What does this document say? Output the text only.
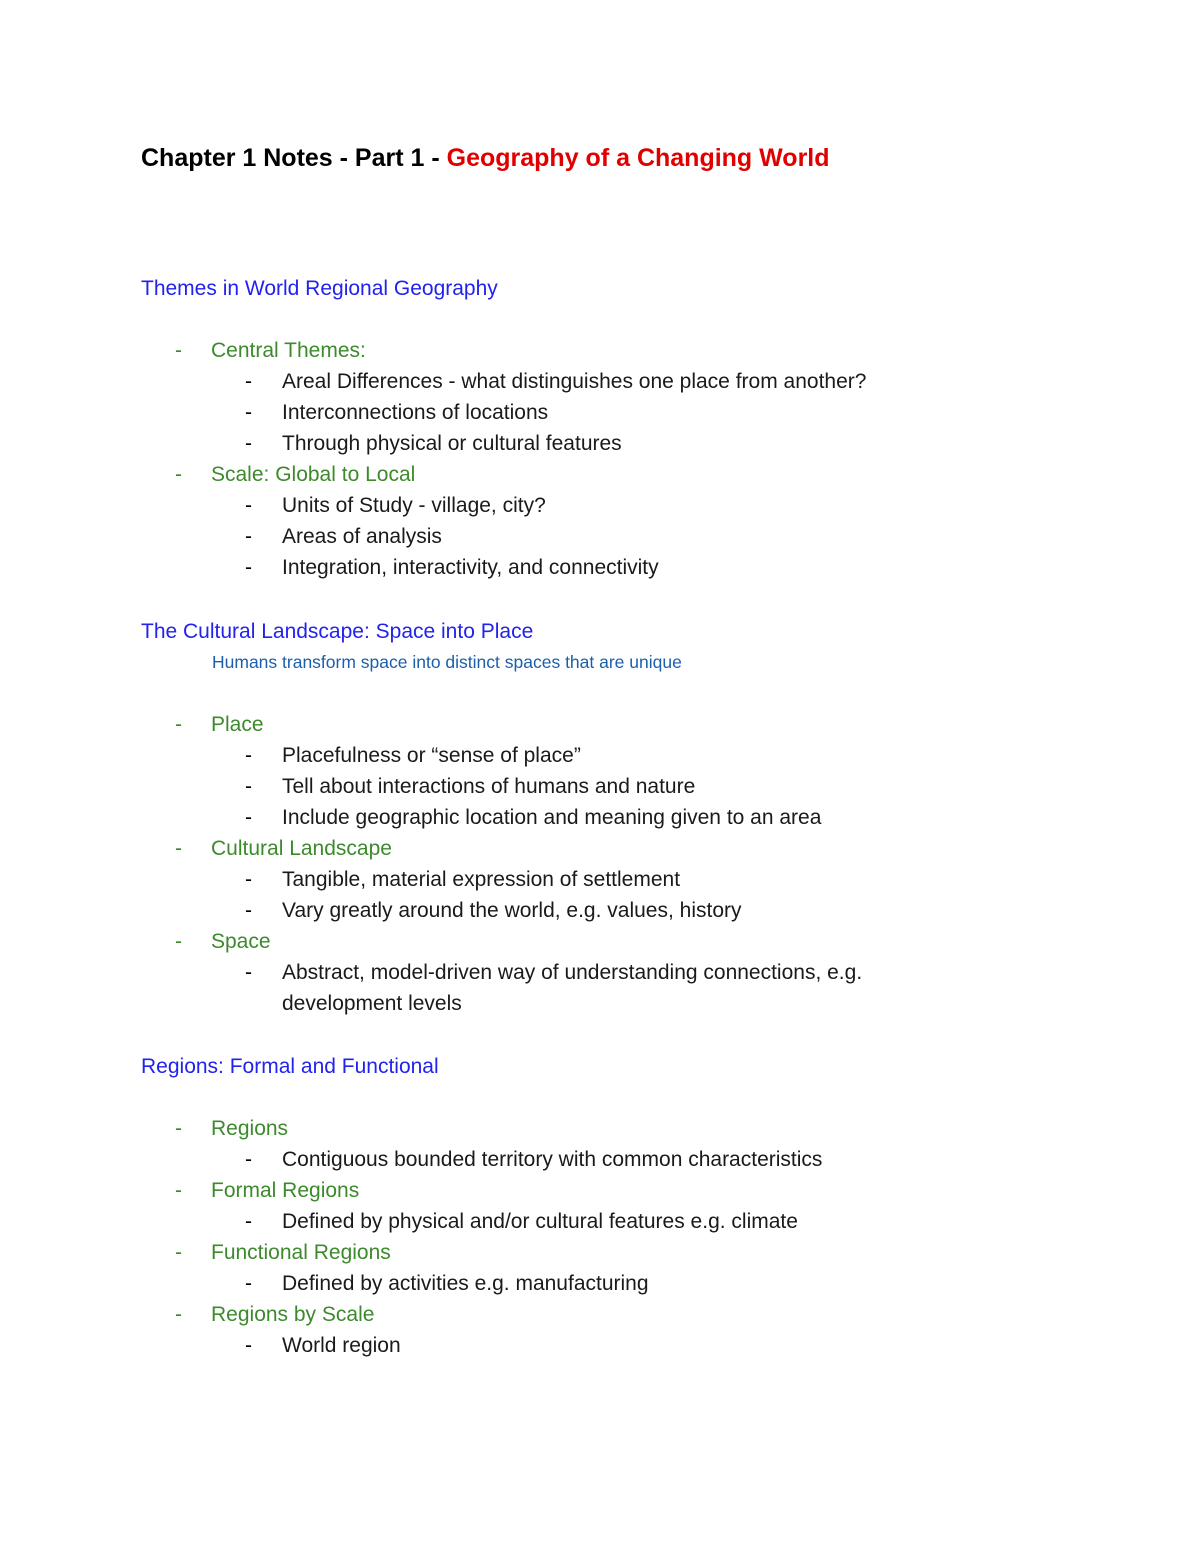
Chapter 1 Notes - Part 1 - Geography of a Changing World

Themes in World Regional Geography

- Central Themes:
- Areal Differences - what distinguishes one place from another?
- Interconnections of locations
- Through physical or cultural features
- Scale: Global to Local
- Units of Study - village, city?
- Areas of analysis
- Integration, interactivity, and connectivity

The Cultural Landscape: Space into Place

Humans transform space into distinct spaces that are unique

- Place
- Placefulness or “sense of place”
- Tell about interactions of humans and nature
- Include geographic location and meaning given to an area
- Cultural Landscape
- Tangible, material expression of settlement
- Vary greatly around the world, e.g. values, history
- Space
- Abstract, model-driven way of understanding connections, e.g. development levels

Regions: Formal and Functional

- Regions
- Contiguous bounded territory with common characteristics
- Formal Regions
- Defined by physical and/or cultural features e.g. climate
- Functional Regions
- Defined by activities e.g. manufacturing
- Regions by Scale
- World region
